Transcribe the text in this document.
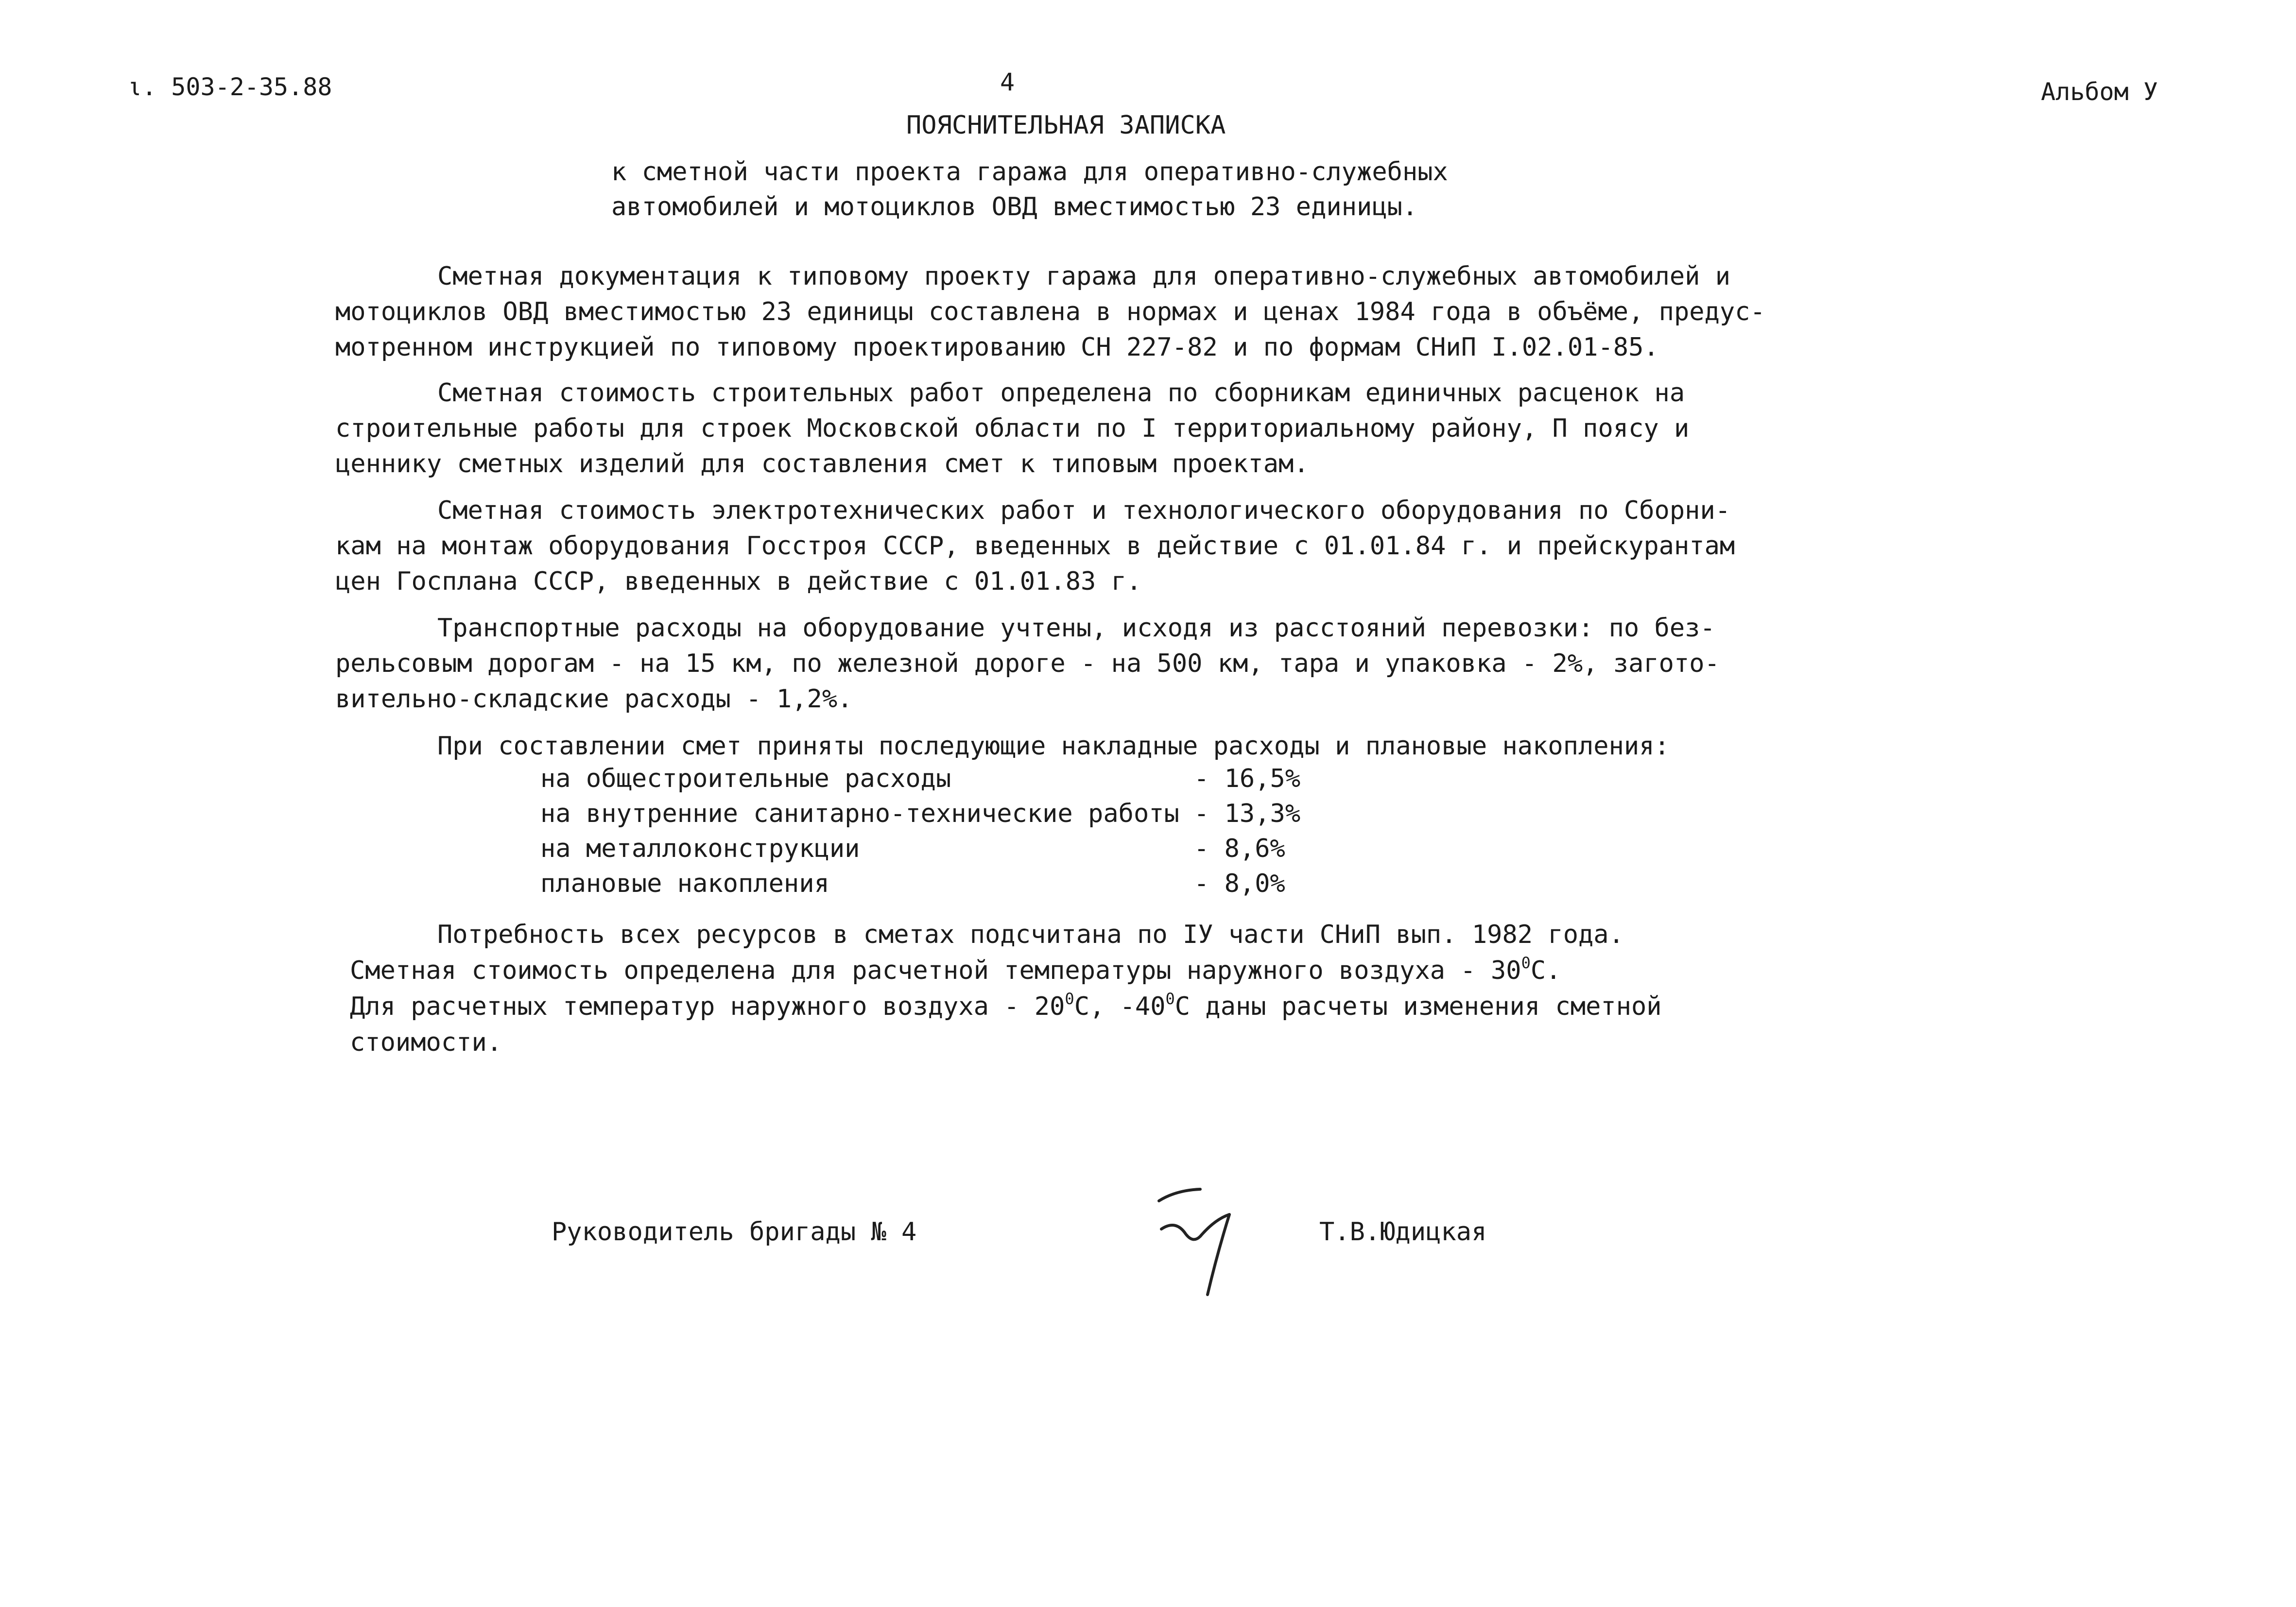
ι. 503-2-35.88	4	Альбом У
ПОЯСНИТЕЛЬНАЯ ЗАПИСКА
к сметной части проекта гаража для оперативно-служебных
автомобилей и мотоциклов ОВД вместимостью 23 единицы.
Сметная документация к типовому проекту гаража для оперативно-служебных автомобилей и
мотоциклов ОВД вместимостью 23 единицы составлена в нормах и ценах 1984 года в объёме, предус-
мотренном инструкцией по типовому проектированию СН 227-82 и по формам СНиП I.02.01-85.
Сметная стоимость строительных работ определена по сборникам единичных расценок на
строительные работы для строек Московской области по I территориальному району, П поясу и
ценнику сметных изделий для составления смет к типовым проектам.
Сметная стоимость электротехнических работ и технологического оборудования по Сборни-
кам на монтаж оборудования Госстроя СССР, введенных в действие с 01.01.84 г. и прейскурантам
цен Госплана СССР, введенных в действие с 01.01.83 г.
Транспортные расходы на оборудование учтены, исходя из расстояний перевозки: по без-
рельсовым дорогам - на 15 км, по железной дороге - на 500 км, тара и упаковка - 2%, загото-
вительно-складские расходы - 1,2%.
При составлении смет приняты последующие накладные расходы и плановые накопления:
на общестроительные расходы	- 16,5%
на внутренние санитарно-технические работы - 13,3%
на металлоконструкции	- 8,6%
плановые накопления	- 8,0%
Потребность всех ресурсов в сметах подсчитана по IУ части СНиП вып. 1982 года.
Сметная стоимость определена для расчетной температуры наружного воздуха - $30^0С$.
Для расчетных температур наружного воздуха - $20^0С$, $-40^0С$ даны расчеты изменения сметной
стоимости.
Руководитель бригады № 4	Т.В.Юдицкая
